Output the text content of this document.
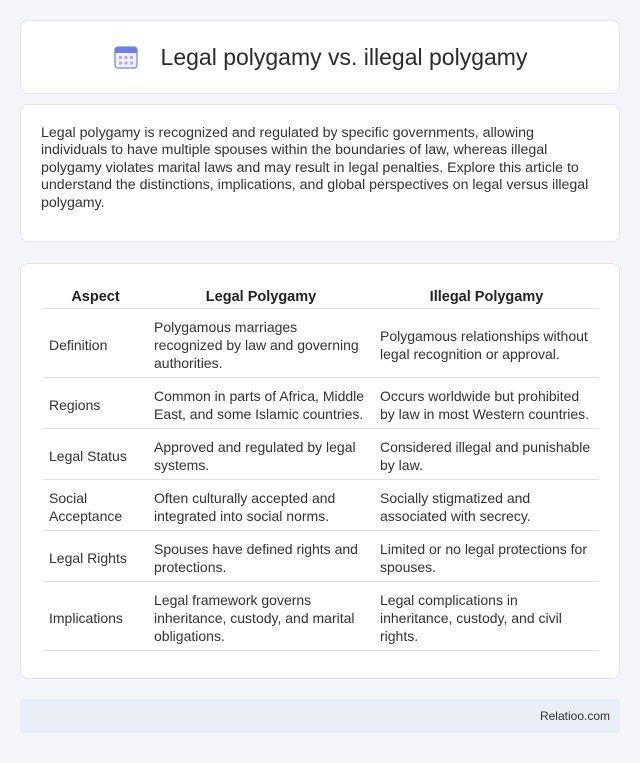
Legal polygamy vs. illegal polygamy

Legal polygamy is recognized and regulated by specific governments, allowing individuals to have multiple spouses within the boundaries of law, whereas illegal polygamy violates marital laws and may result in legal penalties. Explore this article to understand the distinctions, implications, and global perspectives on legal versus illegal polygamy.

Aspect	Legal Polygamy	Illegal Polygamy
Definition	Polygamous marriages recognized by law and governing authorities.	Polygamous relationships without legal recognition or approval.
Regions	Common in parts of Africa, Middle East, and some Islamic countries.	Occurs worldwide but prohibited by law in most Western countries.
Legal Status	Approved and regulated by legal systems.	Considered illegal and punishable by law.
Social Acceptance	Often culturally accepted and integrated into social norms.	Socially stigmatized and associated with secrecy.
Legal Rights	Spouses have defined rights and protections.	Limited or no legal protections for spouses.
Implications	Legal framework governs inheritance, custody, and marital obligations.	Legal complications in inheritance, custody, and civil rights.
Relatioo.com
